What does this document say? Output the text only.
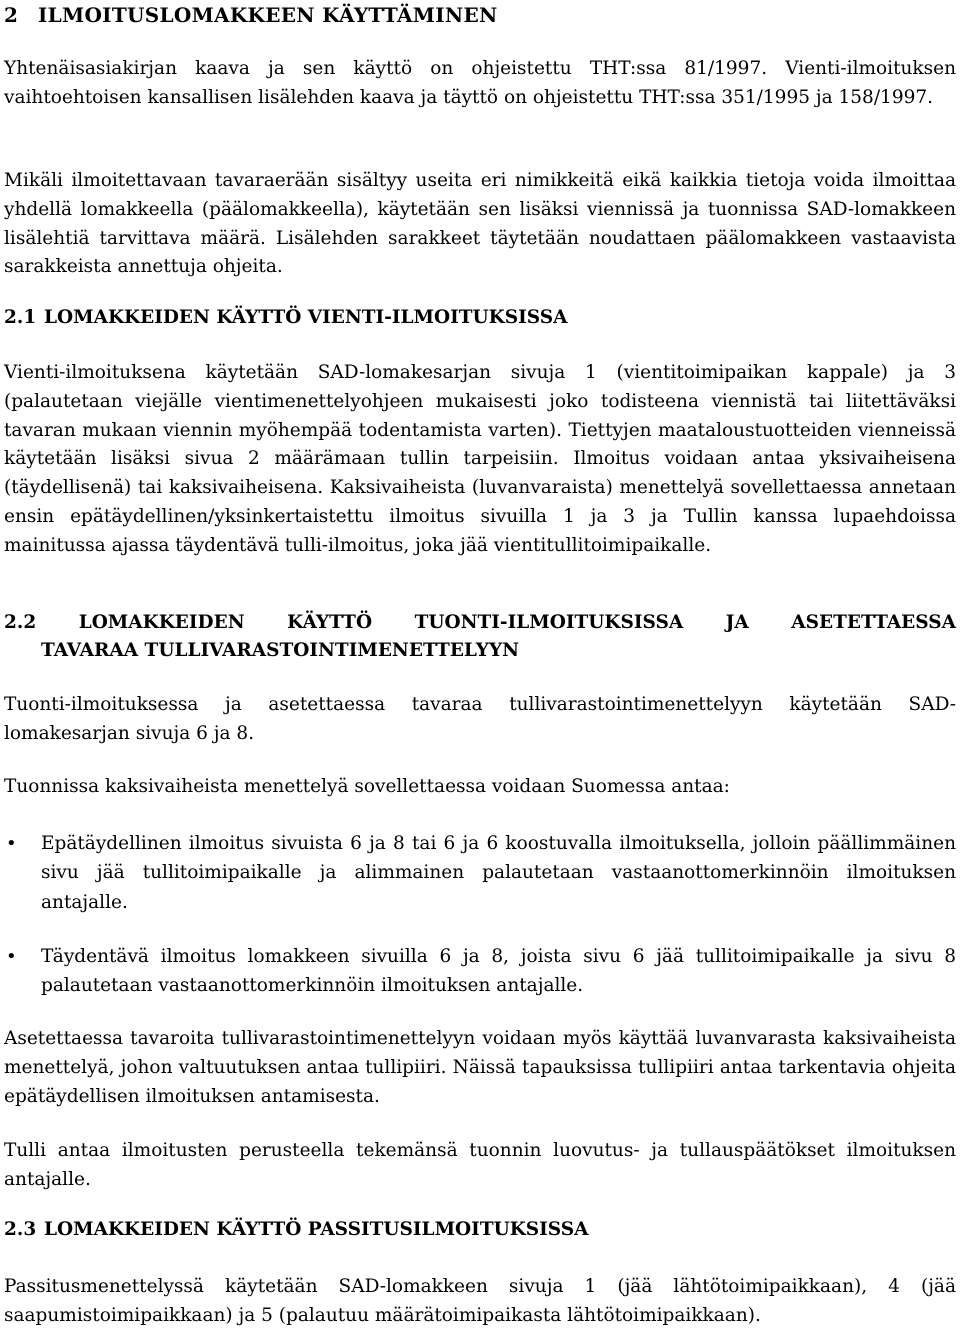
2 ILMOITUSLOMAKKEEN KÄYTTÄMINEN
Yhtenäisasiakirjan kaava ja sen käyttö on ohjeistettu THT:ssa 81/1997. Vienti-ilmoituksen vaihtoehtoisen kansallisen lisälehden kaava ja täyttö on ohjeistettu THT:ssa 351/1995 ja 158/1997.
Mikäli ilmoitettavaan tavaraerään sisältyy useita eri nimikkeitä eikä kaikkia tietoja voida ilmoittaa yhdellä lomakkeella (päälomakkeella), käytetään sen lisäksi viennissä ja tuonnissa SAD-lomakkeen lisälehtiä tarvittava määrä. Lisälehden sarakkeet täytetään noudattaen päälomakkeen vastaavista sarakkeista annettuja ohjeita.
2.1 LOMAKKEIDEN KÄYTTÖ VIENTI-ILMOITUKSISSA
Vienti-ilmoituksena käytetään SAD-lomakesarjan sivuja 1 (vientitoimipaikan kappale) ja 3 (palautetaan viejälle vientimenettelyohjeen mukaisesti joko todisteena viennistä tai liitettäväksi tavaran mukaan viennin myöhempää todentamista varten). Tiettyjen maataloustuotteiden vienneissä käytetään lisäksi sivua 2 määrämaan tullin tarpeisiin. Ilmoitus voidaan antaa yksivaiheisena (täydellisenä) tai kaksivaiheisena. Kaksivaiheista (luvanvaraista) menettelyä sovellettaessa annetaan ensin epätäydellinen/yksinkertaistettu ilmoitus sivuilla 1 ja 3 ja Tullin kanssa lupaehdoissa mainitussa ajassa täydentävä tulli-ilmoitus, joka jää vientitullitoimipaikalle.
2.2 LOMAKKEIDEN KÄYTTÖ TUONTI-ILMOITUKSISSA JA ASETETTAESSA
TAVARAA TULLIVARASTOINTIMENETTELYYN
Tuonti-ilmoituksessa ja asetettaessa tavaraa tullivarastointimenettelyyn käytetään SAD-lomakesarjan sivuja 6 ja 8.
Tuonnissa kaksivaiheista menettelyä sovellettaessa voidaan Suomessa antaa:
• Epätäydellinen ilmoitus sivuista 6 ja 8 tai 6 ja 6 koostuvalla ilmoituksella, jolloin päällimmäinen sivu jää tullitoimipaikalle ja alimmainen palautetaan vastaanottomerkinnöin ilmoituksen antajalle.
• Täydentävä ilmoitus lomakkeen sivuilla 6 ja 8, joista sivu 6 jää tullitoimipaikalle ja sivu 8 palautetaan vastaanottomerkinnöin ilmoituksen antajalle.
Asetettaessa tavaroita tullivarastointimenettelyyn voidaan myös käyttää luvanvarasta kaksivaiheista menettelyä, johon valtuutuksen antaa tullipiiri. Näissä tapauksissa tullipiiri antaa tarkentavia ohjeita epätäydellisen ilmoituksen antamisesta.
Tulli antaa ilmoitusten perusteella tekemänsä tuonnin luovutus- ja tullauspäätökset ilmoituksen antajalle.
2.3 LOMAKKEIDEN KÄYTTÖ PASSITUSILMOITUKSISSA
Passitusmenettelyssä käytetään SAD-lomakkeen sivuja 1 (jää lähtötoimipaikkaan), 4 (jää saapumistoimipaikkaan) ja 5 (palautuu määrätoimipaikasta lähtötoimipaikkaan).
